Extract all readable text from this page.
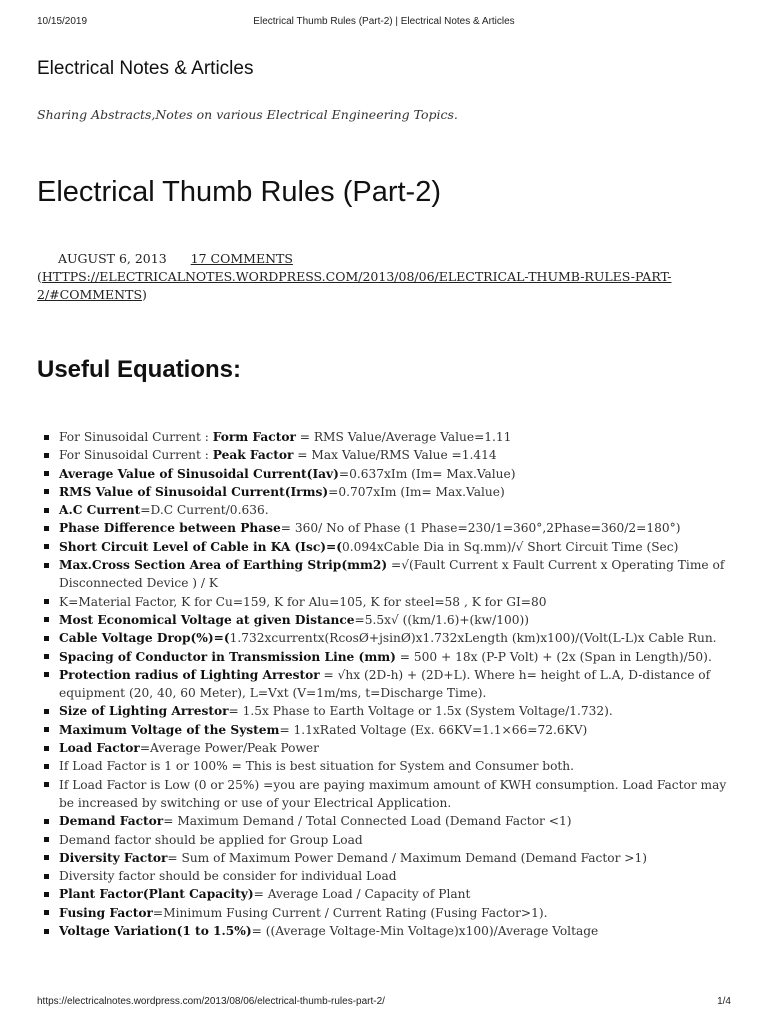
10/15/2019	Electrical Thumb Rules (Part-2) | Electrical Notes & Articles
Electrical Notes & Articles
Sharing Abstracts,Notes on various Electrical Engineering Topics.
Electrical Thumb Rules (Part-2)
AUGUST 6, 2013 17 COMMENTS
(HTTPS://ELECTRICALNOTES.WORDPRESS.COM/2013/08/06/ELECTRICAL-THUMB-RULES-PART-2/#COMMENTS)
Useful Equations:
For Sinusoidal Current : Form Factor = RMS Value/Average Value=1.11
For Sinusoidal Current : Peak Factor = Max Value/RMS Value =1.414
Average Value of Sinusoidal Current(Iav)=0.637xIm (Im= Max.Value)
RMS Value of Sinusoidal Current(Irms)=0.707xIm (Im= Max.Value)
A.C Current=D.C Current/0.636.
Phase Difference between Phase= 360/ No of Phase (1 Phase=230/1=360°,2Phase=360/2=180°)
Short Circuit Level of Cable in KA (Isc)=(0.094xCable Dia in Sq.mm)/√ Short Circuit Time (Sec)
Max.Cross Section Area of Earthing Strip(mm2) =√(Fault Current x Fault Current x Operating Time of Disconnected Device ) / K
K=Material Factor, K for Cu=159, K for Alu=105, K for steel=58 , K for GI=80
Most Economical Voltage at given Distance=5.5x√ ((km/1.6)+(kw/100))
Cable Voltage Drop(%)=(1.732xcurrentx(RcosØ+jsinØ)x1.732xLength (km)x100)/(Volt(L-L)x Cable Run.
Spacing of Conductor in Transmission Line (mm) = 500 + 18x (P-P Volt) + (2x (Span in Length)/50).
Protection radius of Lighting Arrestor = √hx (2D-h) + (2D+L). Where h= height of L.A, D-distance of equipment (20, 40, 60 Meter), L=Vxt (V=1m/ms, t=Discharge Time).
Size of Lighting Arrestor= 1.5x Phase to Earth Voltage or 1.5x (System Voltage/1.732).
Maximum Voltage of the System= 1.1xRated Voltage (Ex. 66KV=1.1×66=72.6KV)
Load Factor=Average Power/Peak Power
If Load Factor is 1 or 100% = This is best situation for System and Consumer both.
If Load Factor is Low (0 or 25%) =you are paying maximum amount of KWH consumption. Load Factor may be increased by switching or use of your Electrical Application.
Demand Factor= Maximum Demand / Total Connected Load (Demand Factor <1)
Demand factor should be applied for Group Load
Diversity Factor= Sum of Maximum Power Demand / Maximum Demand (Demand Factor >1)
Diversity factor should be consider for individual Load
Plant Factor(Plant Capacity)= Average Load / Capacity of Plant
Fusing Factor=Minimum Fusing Current / Current Rating (Fusing Factor>1).
Voltage Variation(1 to 1.5%)= ((Average Voltage-Min Voltage)x100)/Average Voltage
https://electricalnotes.wordpress.com/2013/08/06/electrical-thumb-rules-part-2/	1/4
